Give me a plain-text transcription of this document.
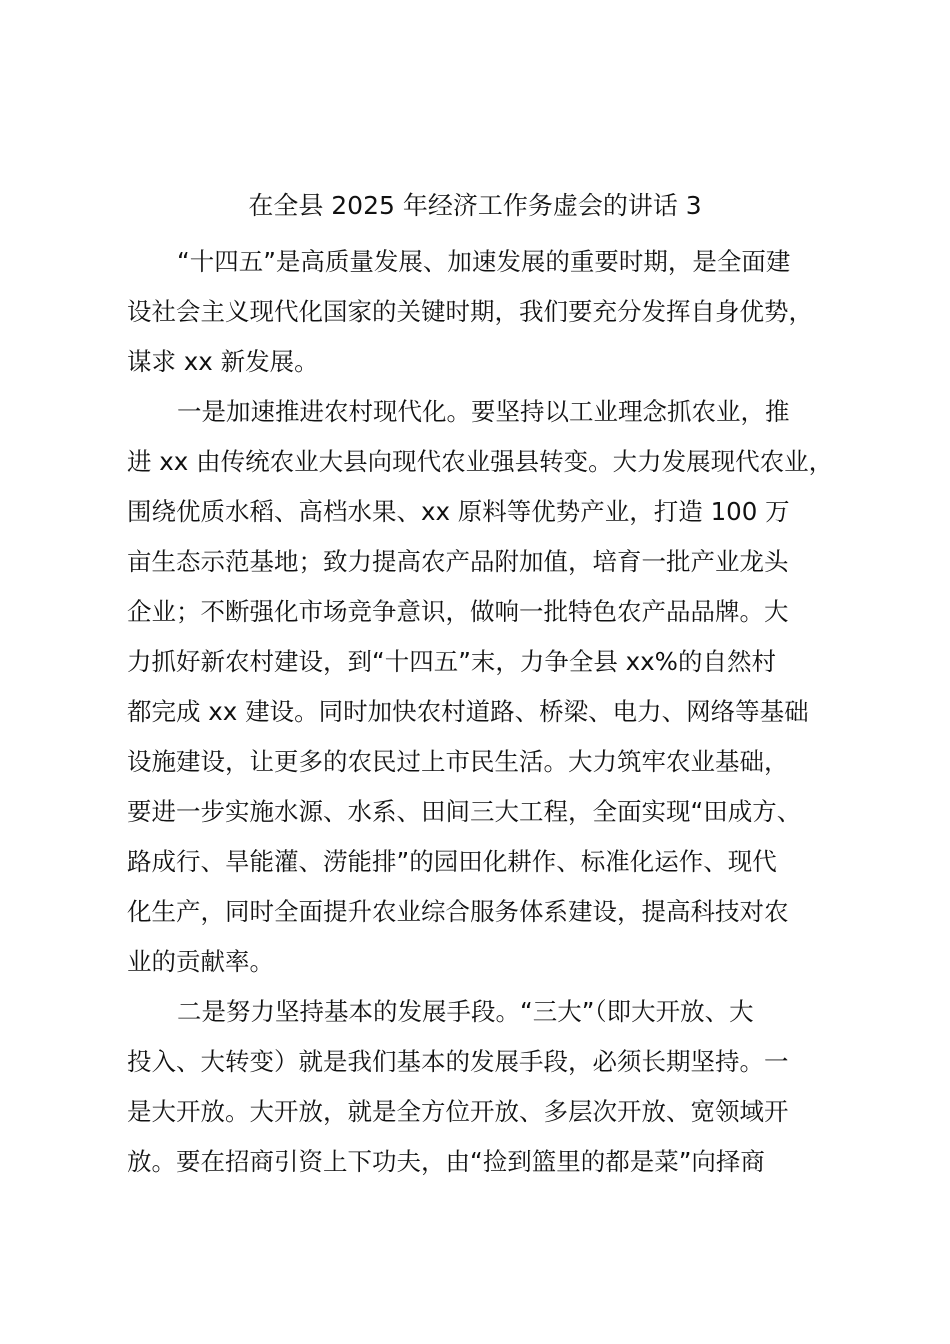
在全县 2025 年经济工作务虚会的讲话 3

“十四五”是高质量发展、加速发展的重要时期，是全面建
设社会主义现代化国家的关键时期，我们要充分发挥自身优势，
谋求 xx 新发展。

一是加速推进农村现代化。要坚持以工业理念抓农业，推
进 xx 由传统农业大县向现代农业强县转变。大力发展现代农业，
围绕优质水稻、高档水果、xx 原料等优势产业，打造 100 万
亩生态示范基地；致力提高农产品附加值，培育一批产业龙头
企业；不断强化市场竞争意识，做响一批特色农产品品牌。大
力抓好新农村建设，到“十四五”末，力争全县 xx%的自然村
都完成 xx 建设。同时加快农村道路、桥梁、电力、网络等基础
设施建设，让更多的农民过上市民生活。大力筑牢农业基础，
要进一步实施水源、水系、田间三大工程，全面实现“田成方、
路成行、旱能灌、涝能排”的园田化耕作、标准化运作、现代
化生产，同时全面提升农业综合服务体系建设，提高科技对农
业的贡献率。

二是努力坚持基本的发展手段。“三大”（即大开放、大
投入、大转变）就是我们基本的发展手段，必须长期坚持。一
是大开放。大开放，就是全方位开放、多层次开放、宽领域开
放。要在招商引资上下功夫，由“捡到篮里的都是菜”向择商
